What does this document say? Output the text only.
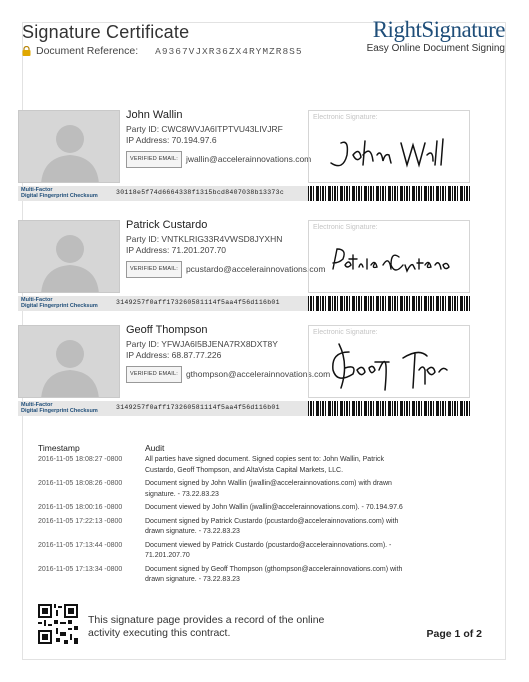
Signature Certificate
Document Reference: A9367VJXR36ZX4RYMZR8S5
RightSignature
Easy Online Document Signing
John Wallin
Party ID: CWC8WVJA6ITPTVU43LIVJRF
IP Address: 70.194.97.6
VERIFIED EMAIL: jwallin@accelerainnovations.com
Electronic Signature:
Multi-Factor
Digital Fingerprint Checksum	30118e5f74d6664338f1315bcd8407038b13373c
Patrick Custardo
Party ID: VNTKLRIG33R4VWSD8JYXHN
IP Address: 71.201.207.70
VERIFIED EMAIL: pcustardo@accelerainnovations.com
Electronic Signature:
Multi-Factor
Digital Fingerprint Checksum	3149257f0aff173260581114f5aa4f56d116b01
Geoff Thompson
Party ID: YFWJA6I5BJENA7RX8DXT8Y
IP Address: 68.87.77.226
VERIFIED EMAIL: gthompson@accelerainnovations.com
Electronic Signature:
Multi-Factor
Digital Fingerprint Checksum	3149257f0aff173260581114f5aa4f56d116b01
Timestamp	Audit
2016-11-05 18:08:27 -0800	All parties have signed document. Signed copies sent to: John Wallin, Patrick Custardo, Geoff Thompson, and AltaVista Capital Markets, LLC.
2016-11-05 18:08:26 -0800	Document signed by John Wallin (jwallin@accelerainnovations.com) with drawn signature. - 73.22.83.23
2016-11-05 18:00:16 -0800	Document viewed by John Wallin (jwallin@accelerainnovations.com). - 70.194.97.6
2016-11-05 17:22:13 -0800	Document signed by Patrick Custardo (pcustardo@accelerainnovations.com) with drawn signature. - 73.22.83.23
2016-11-05 17:13:44 -0800	Document viewed by Patrick Custardo (pcustardo@accelerainnovations.com). - 71.201.207.70
2016-11-05 17:13:34 -0800	Document signed by Geoff Thompson (gthompson@accelerainnovations.com) with drawn signature. - 73.22.83.23
This signature page provides a record of the online activity executing this contract.	Page 1 of 2
